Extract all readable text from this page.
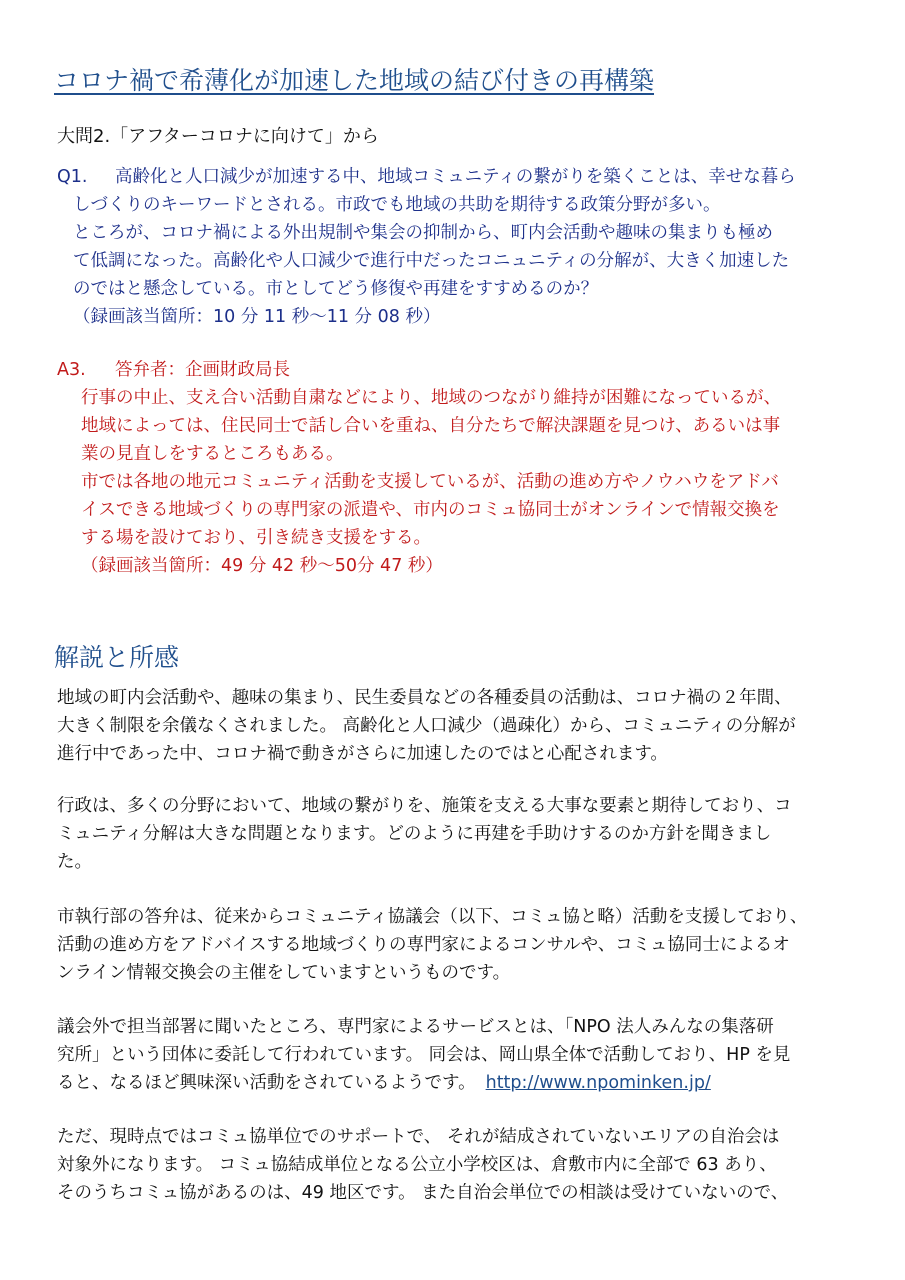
コロナ禍で希薄化が加速した地域の結び付きの再構築
大問2.「アフターコロナに向けて」から
Q1. 高齢化と人口減少が加速する中、地域コミュニティの繋がりを築くことは、幸せな暮ら
しづくりのキーワードとされる。市政でも地域の共助を期待する政策分野が多い。
ところが、コロナ禍による外出規制や集会の抑制から、町内会活動や趣味の集まりも極め
て低調になった。高齢化や人口減少で進行中だったコニュニティの分解が、大きく加速した
のではと懸念している。市としてどう修復や再建をすすめるのか？
（録画該当箇所：10 分 11 秒～11 分 08 秒）
A3. 答弁者：企画財政局長
行事の中止、支え合い活動自粛などにより、地域のつながり維持が困難になっているが、
地域によっては、住民同士で話し合いを重ね、自分たちで解決課題を見つけ、あるいは事
業の見直しをするところもある。
市では各地の地元コミュニティ活動を支援しているが、活動の進め方やノウハウをアドバ
イスできる地域づくりの専門家の派遣や、市内のコミュ協同士がオンラインで情報交換を
する場を設けており、引き続き支援をする。
（録画該当箇所：49 分 42 秒～50分 47 秒）
解説と所感
地域の町内会活動や、趣味の集まり、民生委員などの各種委員の活動は、コロナ禍の２年間、
大きく制限を余儀なくされました。 高齢化と人口減少（過疎化）から、コミュニティの分解が
進行中であった中、コロナ禍で動きがさらに加速したのではと心配されます。
行政は、多くの分野において、地域の繋がりを、施策を支える大事な要素と期待しており、コ
ミュニティ分解は大きな問題となります。どのように再建を手助けするのか方針を聞きまし
た。
市執行部の答弁は、従来からコミュニティ協議会（以下、コミュ協と略）活動を支援しており、
活動の進め方をアドバイスする地域づくりの専門家によるコンサルや、コミュ協同士によるオ
ンライン情報交換会の主催をしていますというものです。
議会外で担当部署に聞いたところ、専門家によるサービスとは、「NPO 法人みんなの集落研
究所」という団体に委託して行われています。 同会は、岡山県全体で活動しており、HP を見
ると、なるほど興味深い活動をされているようです。 http://www.npominken.jp/
ただ、現時点ではコミュ協単位でのサポートで、 それが結成されていないエリアの自治会は
対象外になります。 コミュ協結成単位となる公立小学校区は、倉敷市内に全部で 63 あり、
そのうちコミュ協があるのは、49 地区です。 また自治会単位での相談は受けていないので、
